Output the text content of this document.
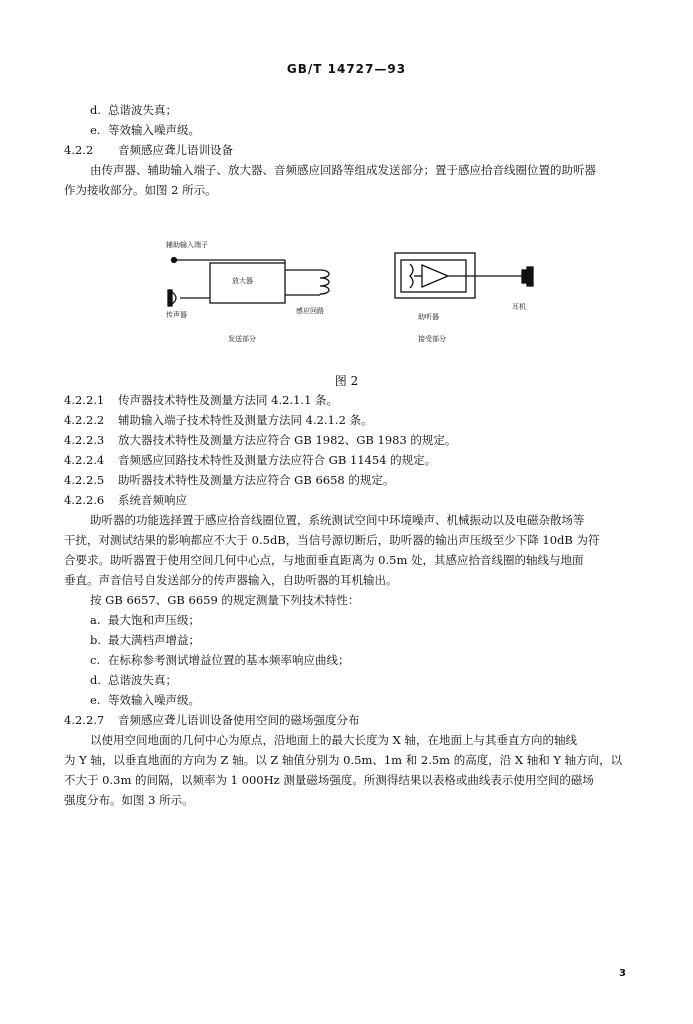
GB/T 14727—93
d. 总谐波失真；
e. 等效输入噪声级。
4.2.2 音频感应聋儿语训设备
由传声器、辅助输入端子、放大器、音频感应回路等组成发送部分；置于感应拾音线圈位置的助听器
作为接收部分。如图 2 所示。
辅助输入端子
放大器
传声器	感应回路
助听器
耳机
发送部分	接受部分
图 2
4.2.2.1 传声器技术特性及测量方法同 4.2.1.1 条。
4.2.2.2 辅助输入端子技术特性及测量方法同 4.2.1.2 条。
4.2.2.3 放大器技术特性及测量方法应符合 GB 1982、GB 1983 的规定。
4.2.2.4 音频感应回路技术特性及测量方法应符合 GB 11454 的规定。
4.2.2.5 助听器技术特性及测量方法应符合 GB 6658 的规定。
4.2.2.6 系统音频响应
助听器的功能选择置于感应拾音线圈位置，系统测试空间中环境噪声、机械振动以及电磁杂散场等
干扰，对测试结果的影响都应不大于 0.5dB，当信号源切断后，助听器的输出声压级至少下降 10dB 为符
合要求。助听器置于使用空间几何中心点，与地面垂直距离为 0.5m 处，其感应拾音线圈的轴线与地面
垂直。声音信号自发送部分的传声器输入，自助听器的耳机输出。
按 GB 6657、GB 6659 的规定测量下列技术特性：
a. 最大饱和声压级；
b. 最大满档声增益；
c. 在标称参考测试增益位置的基本频率响应曲线；
d. 总谐波失真；
e. 等效输入噪声级。
4.2.2.7 音频感应聋儿语训设备使用空间的磁场强度分布
以使用空间地面的几何中心为原点，沿地面上的最大长度为 X 轴，在地面上与其垂直方向的轴线
为 Y 轴，以垂直地面的方向为 Z 轴。以 Z 轴值分别为 0.5m、1m 和 2.5m 的高度，沿 X 轴和 Y 轴方向，以
不大于 0.3m 的间隔，以频率为 1 000Hz 测量磁场强度。所测得结果以表格或曲线表示使用空间的磁场
强度分布。如图 3 所示。
3
